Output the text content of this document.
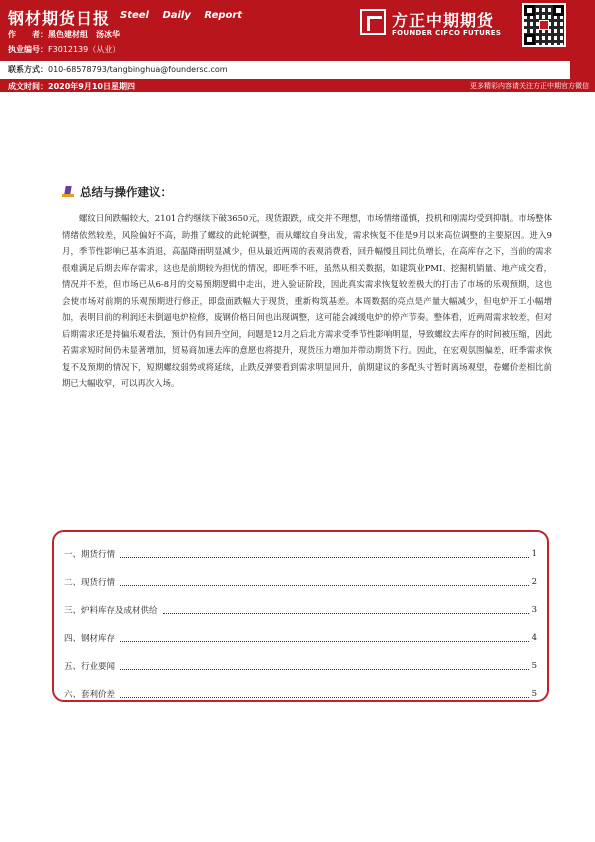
钢材期货日报 Steel Daily Report
作　　者：黑色建材组　汤冰华
执业编号：F3012139（从业）
方正中期期货
FOUNDER CIFCO FUTURES
更多精彩内容请关注方正中期官方微信
联系方式：010-68578793/tangbinghua@foundersc.com
成文时间：2020年9月10日星期四
总结与操作建议：

螺纹日间跌幅较大，2101合约继续下破3650元，现货跟跌，成交并不理想，市场情绪谨慎，投机和刚需均受到抑制。市场整体情绪依然较差，风险偏好不高，助推了螺纹的此轮调整，而从螺纹自身出发，需求恢复不佳是9月以来高位调整的主要原因。进入9月，季节性影响已基本消退，高温降雨明显减少，但从最近两周的表观消费看，回升幅慢且同比负增长，在高库存之下，当前的需求很难满足后期去库存需求，这也是前期较为担忧的情况，即旺季不旺，虽然从相关数据，如建筑业PMI、挖掘机销量、地产成交看，情况并不差，但市场已从6-8月的交易预期逻辑中走出，进入验证阶段，因此真实需求恢复较差极大的打击了市场的乐观预期，这也会使市场对前期的乐观预期进行修正，即盘面跌幅大于现货，重新构筑基差。本周数据的亮点是产量大幅减少，但电炉开工小幅增加，表明目前的利润还未倒逼电炉检修，废钢价格日间也出现调整，这可能会减缓电炉的停产节奏。整体看，近两周需求较差，但对后期需求还是持偏乐观看法，预计仍有回升空间，问题是12月之后北方需求受季节性影响明显，导致螺纹去库存的时间被压缩，因此若需求短时间仍未显著增加，贸易商加速去库的意愿也将提升，现货压力增加并带动期货下行。因此，在宏观氛围偏差，旺季需求恢复不及预期的情况下，短期螺纹弱势或将延续，止跌反弹要看到需求明显回升，前期建议的多配头寸暂时离场观望，卷螺价差相比前期已大幅收窄，可以再次入场。

一、期货行情	1
二、现货行情	2
三、炉料库存及成材供给	3
四、钢材库存	4
五、行业要闻	5
六、套利价差	5
